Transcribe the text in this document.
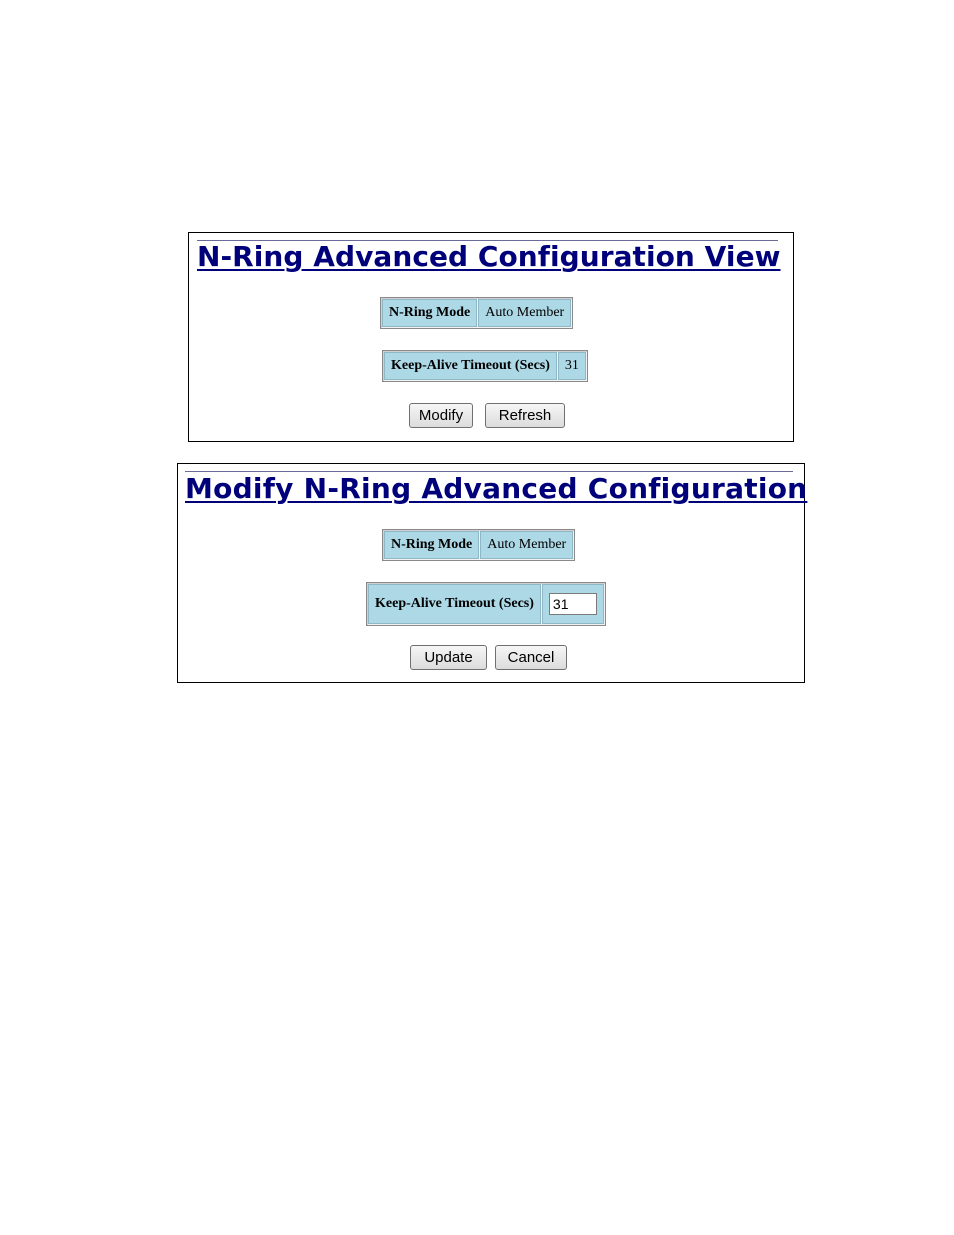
N-Ring Advanced Configuration View
N-Ring Mode	Auto Member
Keep-Alive Timeout (Secs)	31
Modify	Refresh
Modify N-Ring Advanced Configuration
N-Ring Mode	Auto Member
Keep-Alive Timeout (Secs)	31
Update	Cancel
